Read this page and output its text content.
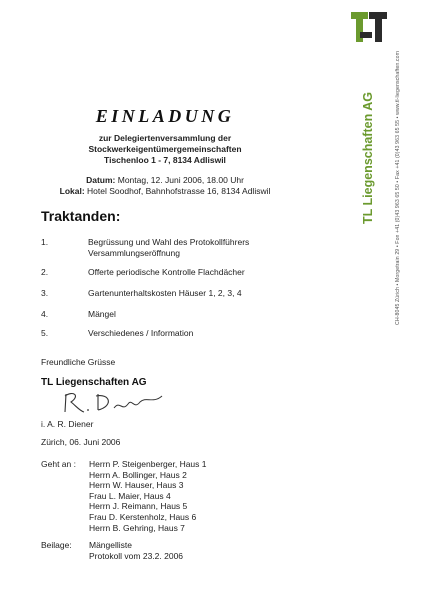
TL Liegenschaften AG	CH-8045 Zürich • Morgetrain 29 • Fon +41 (0)43 963 65 50 • Fax +41 (0)43 963 65 55 • www.tl-liegenschaften.com
EINLADUNG
zur Delegiertenversammlung der
Stockwerkeigentümergemeinschaften
Tischenloo 1 - 7, 8134 Adliswil
Datum: Montag, 12. Juni 2006, 18.00 Uhr
Lokal: Hotel Soodhof, Bahnhofstrasse 16, 8134 Adliswil
Traktanden:
1.	Begrüssung und Wahl des Protokollführers
Versammlungseröffnung
2.	Offerte periodische Kontrolle Flachdächer
3.	Gartenunterhaltskosten Häuser 1, 2, 3, 4
4.	Mängel
5.	Verschiedenes / Information
Freundliche Grüsse
TL Liegenschaften AG
i. A. R. Diener
Zürich, 06. Juni 2006
Geht an : Herrn P. Steigenberger, Haus 1
Herrn A. Bollinger, Haus 2
Herrn W. Hauser, Haus 3
Frau L. Maier, Haus 4
Herrn J. Reimann, Haus 5
Frau D. Kerstenholz, Haus 6
Herrn B. Gehring, Haus 7
Beilage: Mängelliste
Protokoll vom 23.2. 2006
